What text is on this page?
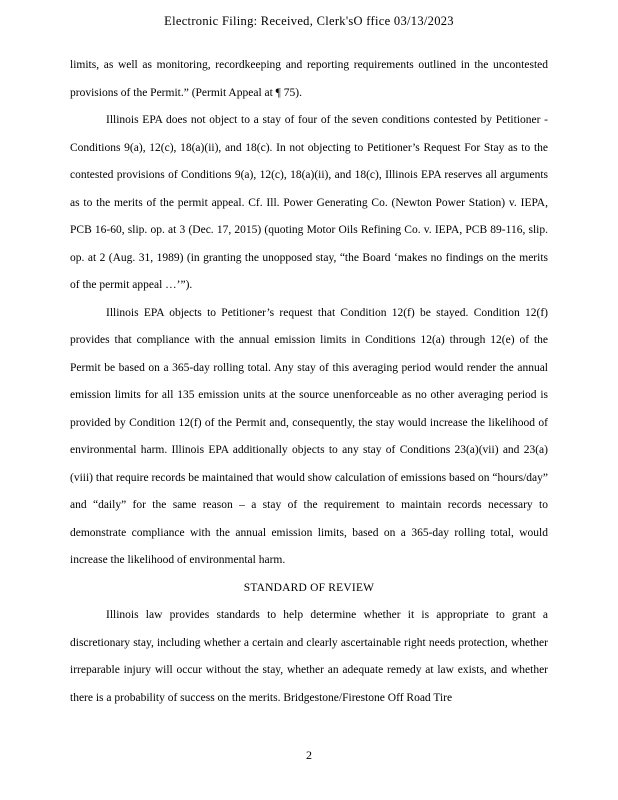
Electronic Filing: Received, Clerk'sO ffice 03/13/2023

limits, as well as monitoring, recordkeeping and reporting requirements outlined in the uncontested provisions of the Permit.” (Permit Appeal at ¶ 75).

Illinois EPA does not object to a stay of four of the seven conditions contested by Petitioner - Conditions 9(a), 12(c), 18(a)(ii), and 18(c). In not objecting to Petitioner’s Request For Stay as to the contested provisions of Conditions 9(a), 12(c), 18(a)(ii), and 18(c), Illinois EPA reserves all arguments as to the merits of the permit appeal. Cf. Ill. Power Generating Co. (Newton Power Station) v. IEPA, PCB 16-60, slip. op. at 3 (Dec. 17, 2015) (quoting Motor Oils Refining Co. v. IEPA, PCB 89-116, slip. op. at 2 (Aug. 31, 1989) (in granting the unopposed stay, “the Board ‘makes no findings on the merits of the permit appeal …’”).

Illinois EPA objects to Petitioner’s request that Condition 12(f) be stayed. Condition 12(f) provides that compliance with the annual emission limits in Conditions 12(a) through 12(e) of the Permit be based on a 365-day rolling total. Any stay of this averaging period would render the annual emission limits for all 135 emission units at the source unenforceable as no other averaging period is provided by Condition 12(f) of the Permit and, consequently, the stay would increase the likelihood of environmental harm. Illinois EPA additionally objects to any stay of Conditions 23(a)(vii) and 23(a)(viii) that require records be maintained that would show calculation of emissions based on “hours/day” and “daily” for the same reason – a stay of the requirement to maintain records necessary to demonstrate compliance with the annual emission limits, based on a 365-day rolling total, would increase the likelihood of environmental harm.

STANDARD OF REVIEW

Illinois law provides standards to help determine whether it is appropriate to grant a discretionary stay, including whether a certain and clearly ascertainable right needs protection, whether irreparable injury will occur without the stay, whether an adequate remedy at law exists, and whether there is a probability of success on the merits. Bridgestone/Firestone Off Road Tire

2
